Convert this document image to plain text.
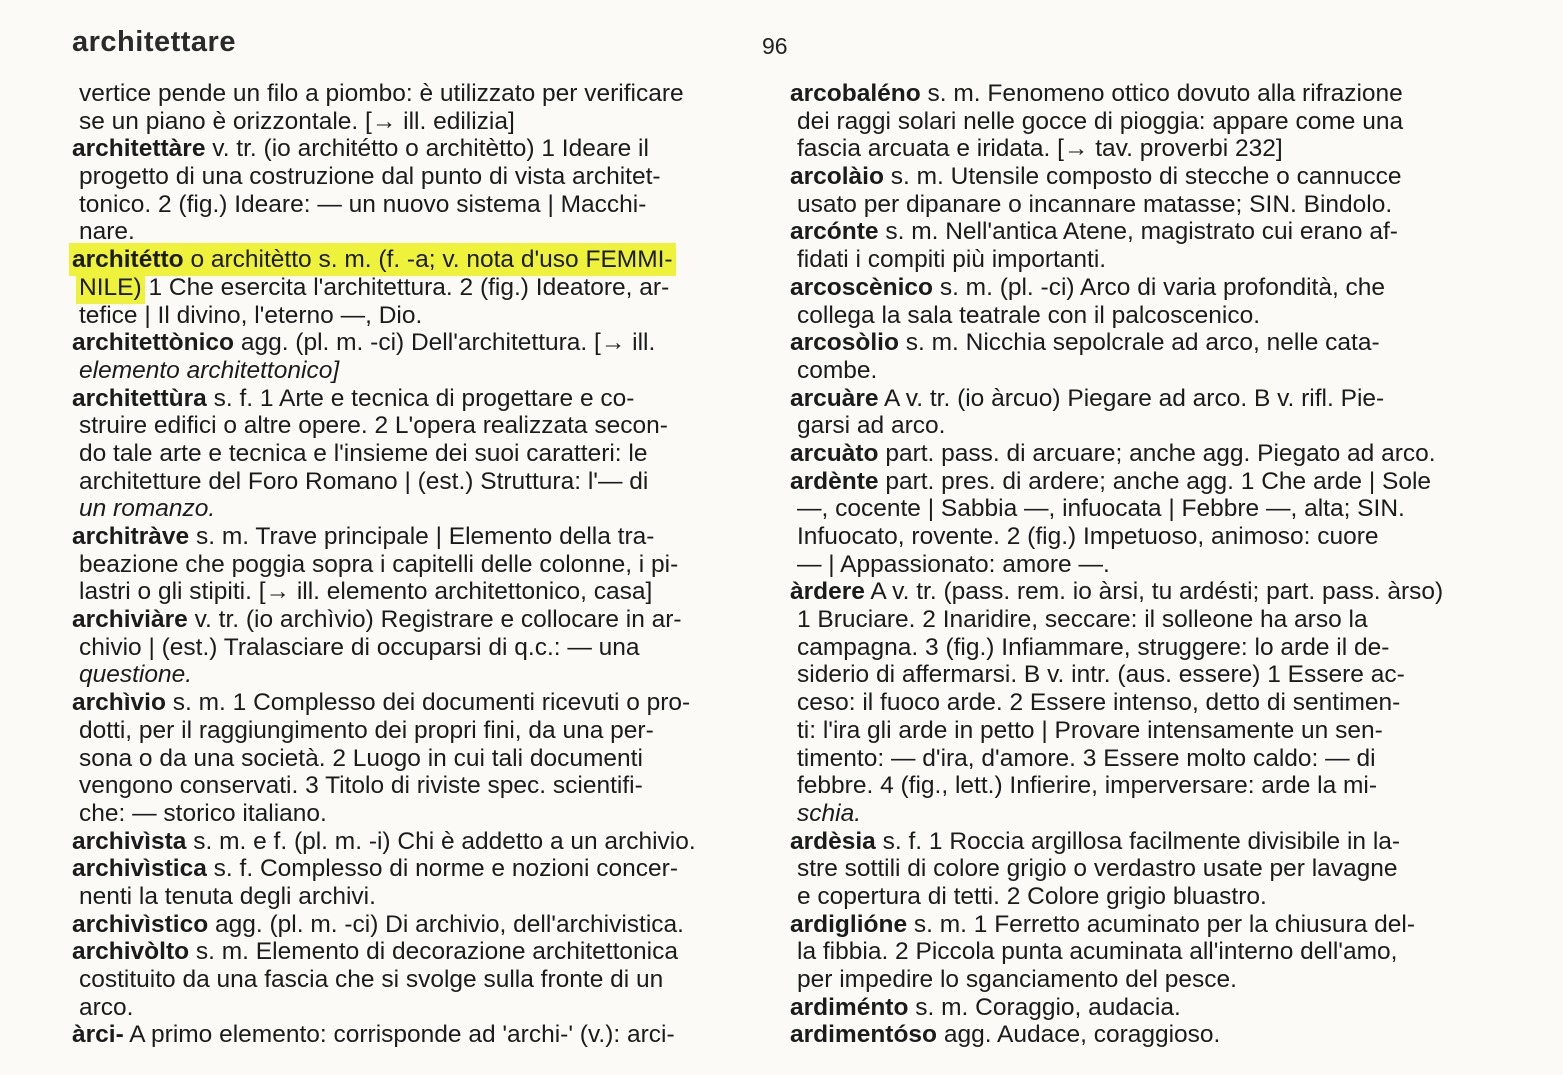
architettare	96
vertice pende un filo a piombo: è utilizzato per verificare
se un piano è orizzontale. [→ ill. edilizia]
architettàre v. tr. (io architétto o architètto) 1 Ideare il
progetto di una costruzione dal punto di vista architet-
tonico. 2 (fig.) Ideare: — un nuovo sistema | Macchi-
nare.
architétto o architètto s. m. (f. -a; v. nota d'uso FEMMI-
NILE) 1 Che esercita l'architettura. 2 (fig.) Ideatore, ar-
tefice | Il divino, l'eterno —, Dio.
architettònico agg. (pl. m. -ci) Dell'architettura. [→ ill.
elemento architettonico]
architettùra s. f. 1 Arte e tecnica di progettare e co-
struire edifici o altre opere. 2 L'opera realizzata secon-
do tale arte e tecnica e l'insieme dei suoi caratteri: le
architetture del Foro Romano | (est.) Struttura: l'— di
un romanzo.
architràve s. m. Trave principale | Elemento della tra-
beazione che poggia sopra i capitelli delle colonne, i pi-
lastri o gli stipiti. [→ ill. elemento architettonico, casa]
archiviàre v. tr. (io archìvio) Registrare e collocare in ar-
chivio | (est.) Tralasciare di occuparsi di q.c.: — una
questione.
archìvio s. m. 1 Complesso dei documenti ricevuti o pro-
dotti, per il raggiungimento dei propri fini, da una per-
sona o da una società. 2 Luogo in cui tali documenti
vengono conservati. 3 Titolo di riviste spec. scientifi-
che: — storico italiano.
archivìsta s. m. e f. (pl. m. -i) Chi è addetto a un archivio.
archivìstica s. f. Complesso di norme e nozioni concer-
nenti la tenuta degli archivi.
archivìstico agg. (pl. m. -ci) Di archivio, dell'archivistica.
archivòlto s. m. Elemento di decorazione architettonica
costituito da una fascia che si svolge sulla fronte di un
arco.
àrci- A primo elemento: corrisponde ad 'archi-' (v.): arci-
arcobaléno s. m. Fenomeno ottico dovuto alla rifrazione
dei raggi solari nelle gocce di pioggia: appare come una
fascia arcuata e iridata. [→ tav. proverbi 232]
arcolàio s. m. Utensile composto di stecche o cannucce
usato per dipanare o incannare matasse; SIN. Bindolo.
arcónte s. m. Nell'antica Atene, magistrato cui erano af-
fidati i compiti più importanti.
arcoscènico s. m. (pl. -ci) Arco di varia profondità, che
collega la sala teatrale con il palcoscenico.
arcosòlio s. m. Nicchia sepolcrale ad arco, nelle cata-
combe.
arcuàre A v. tr. (io àrcuo) Piegare ad arco. B v. rifl. Pie-
garsi ad arco.
arcuàto part. pass. di arcuare; anche agg. Piegato ad arco.
ardènte part. pres. di ardere; anche agg. 1 Che arde | Sole
—, cocente | Sabbia —, infuocata | Febbre —, alta; SIN.
Infuocato, rovente. 2 (fig.) Impetuoso, animoso: cuore
— | Appassionato: amore —.
àrdere A v. tr. (pass. rem. io àrsi, tu ardésti; part. pass. àrso)
1 Bruciare. 2 Inaridire, seccare: il solleone ha arso la
campagna. 3 (fig.) Infiammare, struggere: lo arde il de-
siderio di affermarsi. B v. intr. (aus. essere) 1 Essere ac-
ceso: il fuoco arde. 2 Essere intenso, detto di sentimen-
ti: l'ira gli arde in petto | Provare intensamente un sen-
timento: — d'ira, d'amore. 3 Essere molto caldo: — di
febbre. 4 (fig., lett.) Infierire, imperversare: arde la mi-
schia.
ardèsia s. f. 1 Roccia argillosa facilmente divisibile in la-
stre sottili di colore grigio o verdastro usate per lavagne
e copertura di tetti. 2 Colore grigio bluastro.
ardiglióne s. m. 1 Ferretto acuminato per la chiusura del-
la fibbia. 2 Piccola punta acuminata all'interno dell'amo,
per impedire lo sganciamento del pesce.
ardiménto s. m. Coraggio, audacia.
ardimentóso agg. Audace, coraggioso.
